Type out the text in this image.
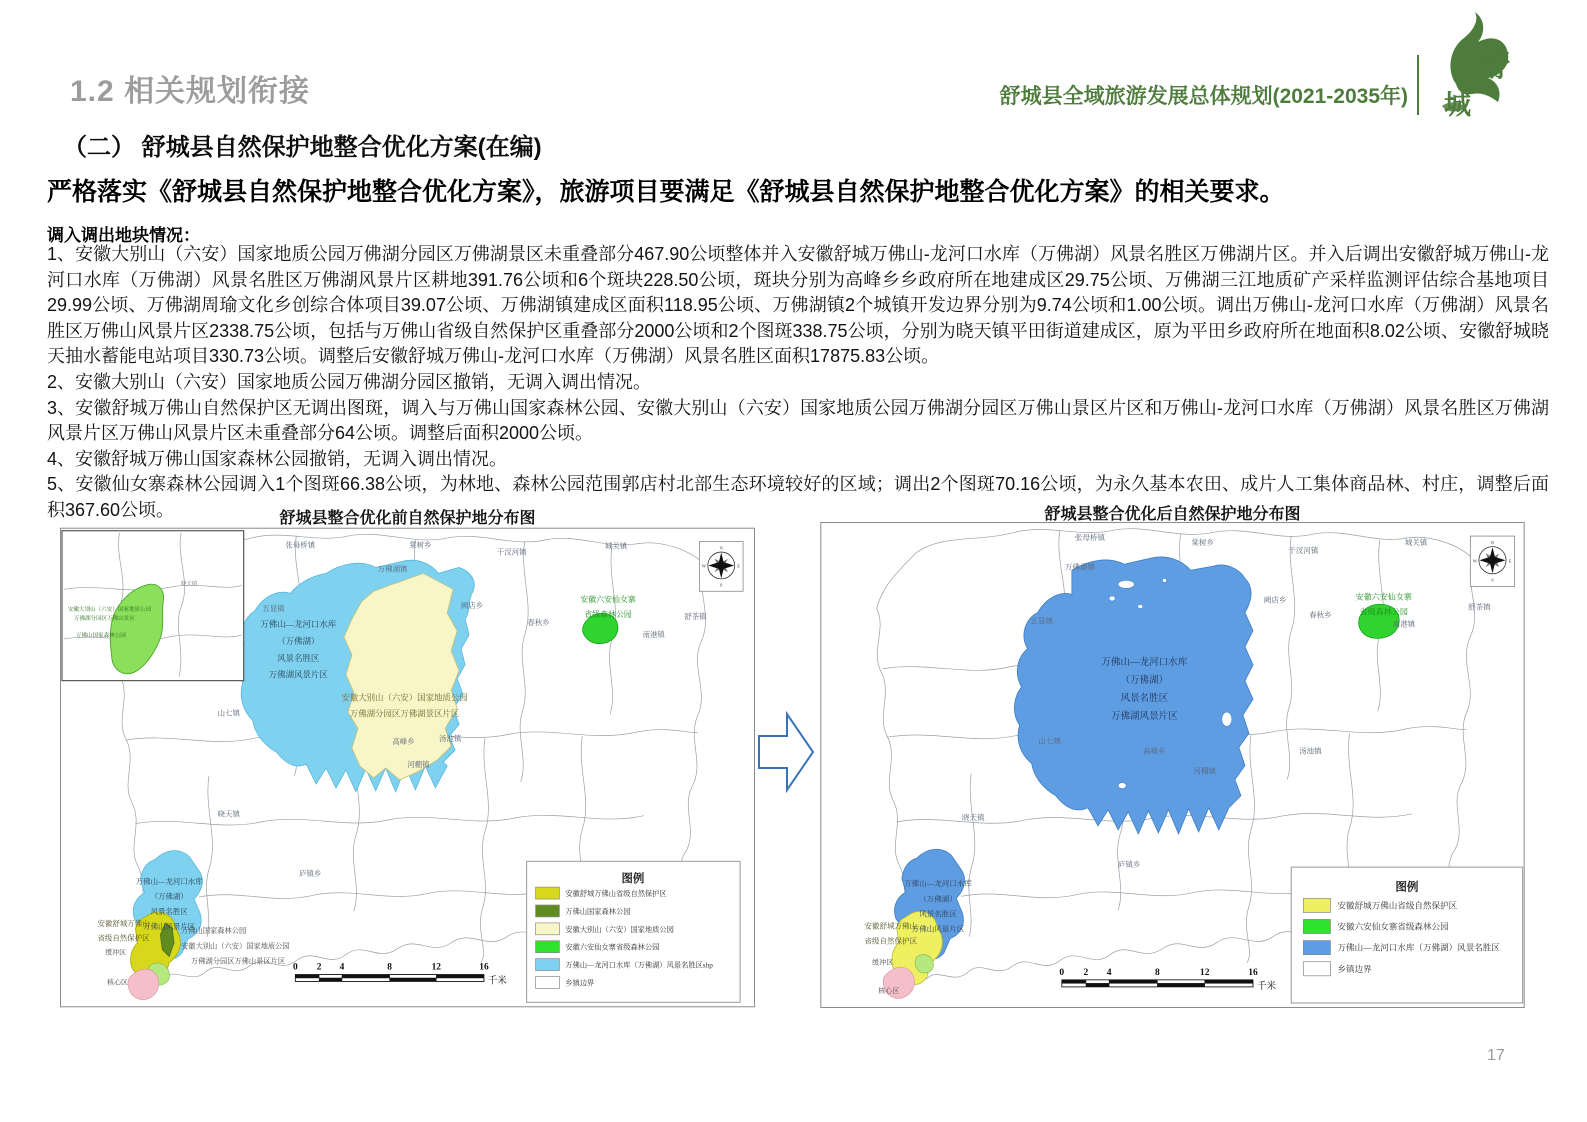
1.2 相关规划衔接	舒城县全域旅游发展总体规划(2021-2035年)
舒
城
（二） 舒城县自然保护地整合优化方案(在编)
严格落实《舒城县自然保护地整合优化方案》，旅游项目要满足《舒城县自然保护地整合优化方案》的相关要求。
调入调出地块情况：

1、安徽大别山（六安）国家地质公园万佛湖分园区万佛湖景区未重叠部分467.90公顷整体并入安徽舒城万佛山-龙河口水库（万佛湖）风景名胜区万佛湖片区。并入后调出安徽舒城万佛山-龙河口水库（万佛湖）风景名胜区万佛湖风景片区耕地391.76公顷和6个斑块228.50公顷，斑块分别为高峰乡乡政府所在地建成区29.75公顷、万佛湖三江地质矿产采样监测评估综合基地项目29.99公顷、万佛湖周瑜文化乡创综合体项目39.07公顷、万佛湖镇建成区面积118.95公顷、万佛湖镇2个城镇开发边界分别为9.74公顷和1.00公顷。调出万佛山-龙河口水库（万佛湖）风景名胜区万佛山风景片区2338.75公顷，包括与万佛山省级自然保护区重叠部分2000公顷和2个图斑338.75公顷，分别为晓天镇平田街道建成区，原为平田乡政府所在地面积8.02公顷、安徽舒城晓天抽水蓄能电站项目330.73公顷。调整后安徽舒城万佛山-龙河口水库（万佛湖）风景名胜区面积17875.83公顷。

2、安徽大别山（六安）国家地质公园万佛湖分园区撤销，无调入调出情况。

3、安徽舒城万佛山自然保护区无调出图斑，调入与万佛山国家森林公园、安徽大别山（六安）国家地质公园万佛湖分园区万佛山景区片区和万佛山-龙河口水库（万佛湖）风景名胜区万佛湖风景片区万佛山风景片区未重叠部分64公顷。调整后面积2000公顷。

4、安徽舒城万佛山国家森林公园撤销，无调入调出情况。

5、安徽仙女寨森林公园调入1个图斑66.38公顷，为林地、森林公园范围郭店村北部生态环境较好的区域；调出2个图斑70.16公顷，为永久基本农田、成片人工集体商品林、村庄，调整后面积367.60公顷。	舒城县整合优化前自然保护地分布图	舒城县整合优化后自然保护地分布图
张母桥镇	棠树乡
干汊河镇
城关镇
万佛湖镇
五显镇	阙店乡
春秋乡
舒茶镇
南港镇
高峰乡
山七镇
汤池镇
河棚镇
晓天镇
庐镇乡
万佛山—龙河口水库
（万佛湖）
风景名胜区
万佛湖风景片区
安徽大别山（六安）国家地质公园
万佛湖分园区万佛湖景区片区
安徽六安仙女寨
省级森林公园
万佛山—龙河口水库
（万佛湖）
风景名胜区
万佛山风景片区
安徽舒城万佛山
省级自然保护区
缓冲区
万佛山国家森林公园
安徽大别山（六安）国家地质公园
万佛湖分园区万佛山景区片区
核心区
晓天镇
安徽大别山（六安）国家地质公园
万佛湖分园区万佛山景区
万佛山国家森林公园
N
E
S
W
0 2 4	8	12	16
千米
图例
安徽舒城万佛山省级自然保护区
万佛山国家森林公园
安徽大别山（六安）国家地质公园
安徽六安仙女寨省级森林公园
万佛山—龙河口水库（万佛湖）风景名胜区shp
乡镇边界
张母桥镇
棠树乡
干汊河镇
城关镇
万佛湖镇
五显镇
阙店乡
春秋乡
舒茶镇
南港镇
高峰乡
山七镇
汤池镇
河棚镇
晓天镇
庐镇乡
万佛山—龙河口水库
（万佛湖）
风景名胜区
万佛湖风景片区
安徽六安仙女寨
省级森林公园
万佛山—龙河口水库
（万佛湖）
风景名胜区
万佛山风景片区
安徽舒城万佛山
省级自然保护区
缓冲区
核心区
N
E
S
W
0 2 4	8	12	16
千米
图例
安徽舒城万佛山省级自然保护区
安徽六安仙女寨省级森林公园
万佛山—龙河口水库（万佛湖）风景名胜区
乡镇边界
17
